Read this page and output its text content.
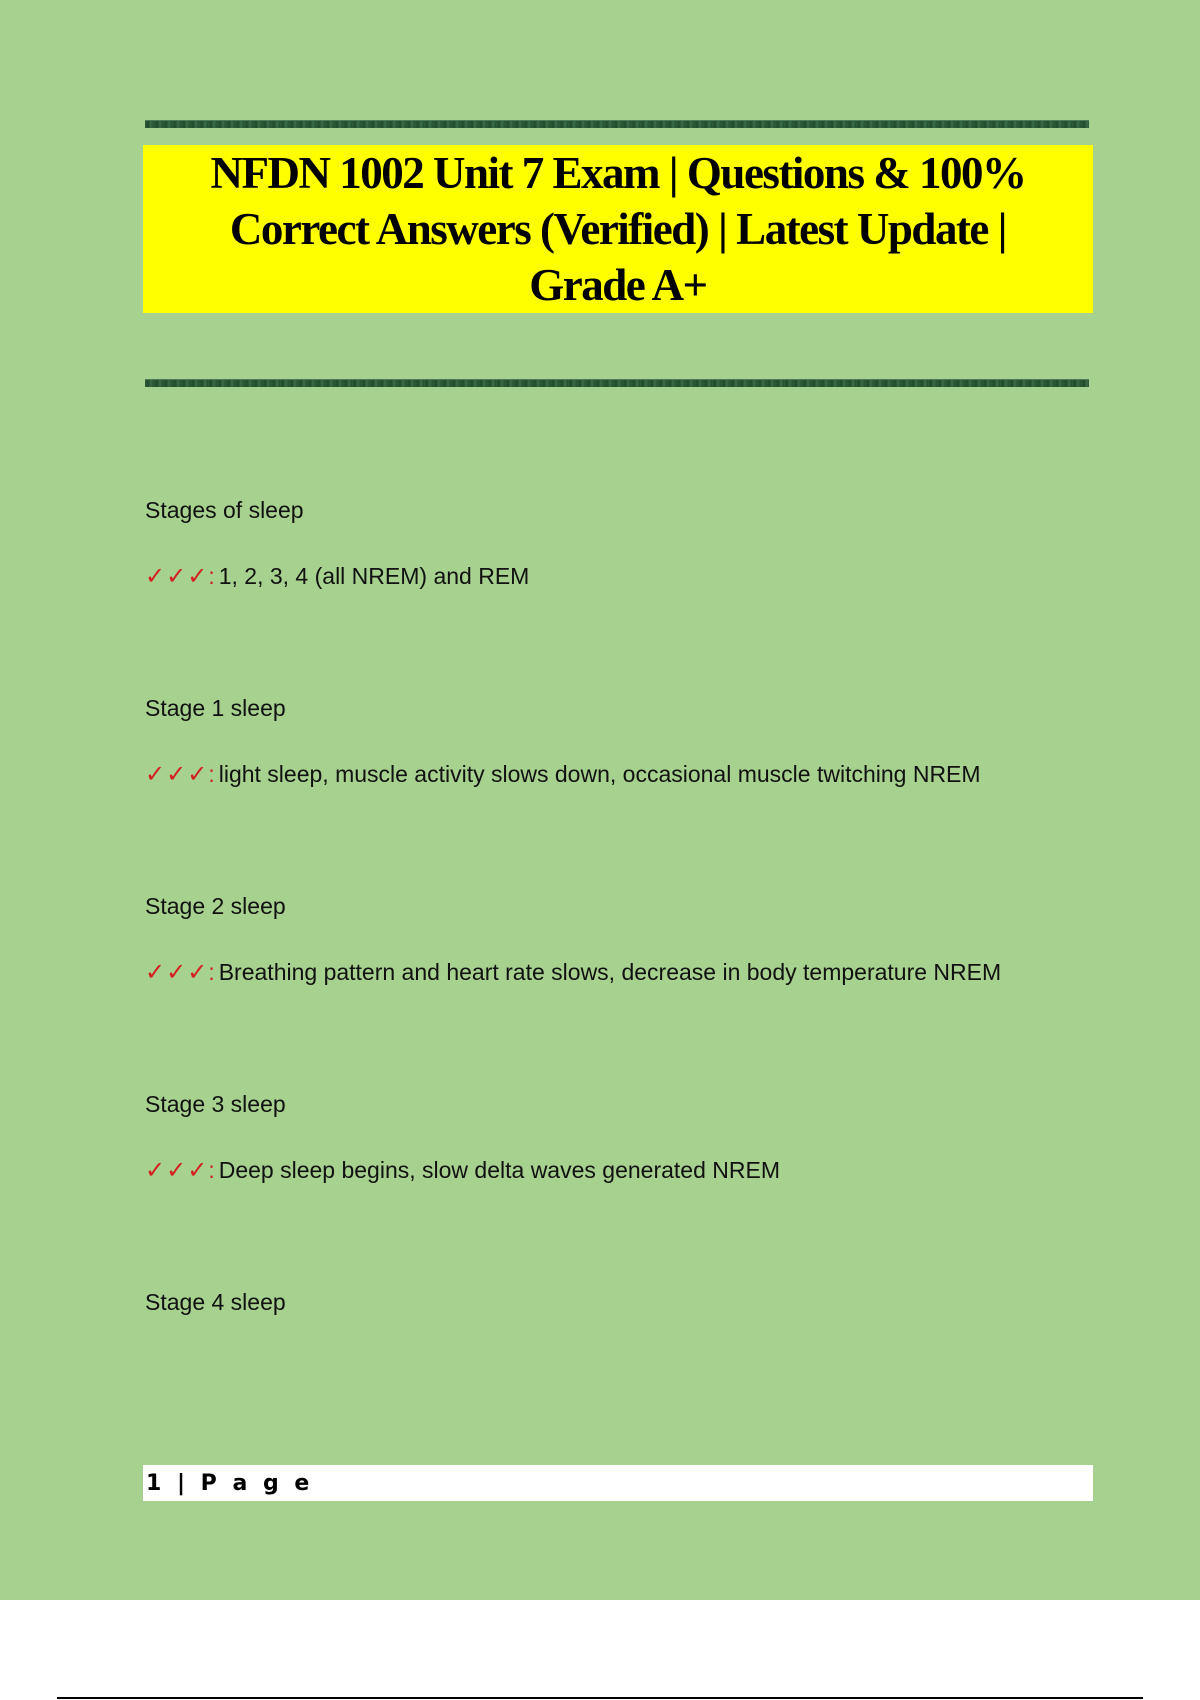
NFDN 1002 Unit 7 Exam | Questions & 100% Correct Answers (Verified) | Latest Update | Grade A+

Stages of sleep

✓✓✓: 1, 2, 3, 4 (all NREM) and REM

Stage 1 sleep

✓✓✓: light sleep, muscle activity slows down, occasional muscle twitching NREM

Stage 2 sleep

✓✓✓: Breathing pattern and heart rate slows, decrease in body temperature NREM

Stage 3 sleep

✓✓✓: Deep sleep begins, slow delta waves generated NREM

Stage 4 sleep

1 | P a g e
